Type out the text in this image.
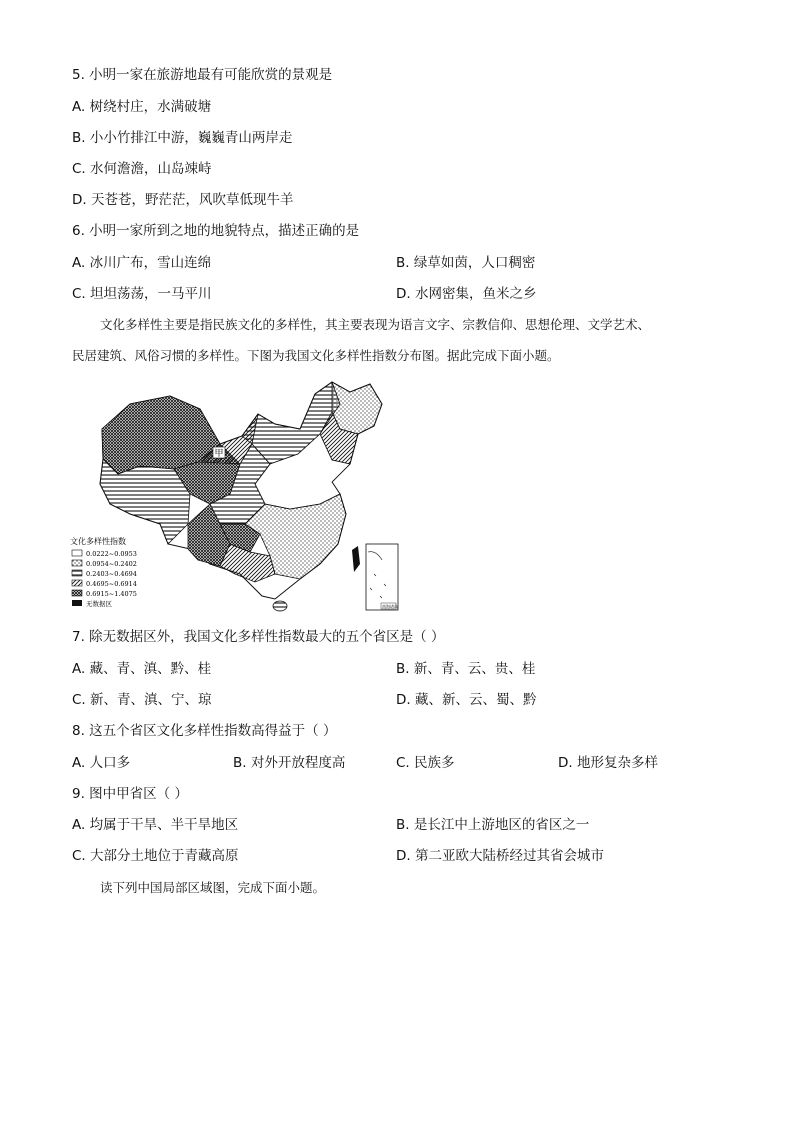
5. 小明一家在旅游地最有可能欣赏的景观是
A. 树绕村庄，水满破塘
B. 小小竹排江中游，巍巍青山两岸走
C. 水何澹澹，山岛竦峙
D. 天苍苍，野茫茫，风吹草低现牛羊
6. 小明一家所到之地的地貌特点，描述正确的是
A. 冰川广布，雪山连绵	B. 绿草如茵，人口稠密
C. 坦坦荡荡，一马平川	D. 水网密集，鱼米之乡
文化多样性主要是指民族文化的多样性，其主要表现为语言文字、宗教信仰、思想伦理、文学艺术、
民居建筑、风俗习惯的多样性。下图为我国文化多样性指数分布图。据此完成下面小题。
甲
南海诸岛
文化多样性指数
0.0222~0.0953
0.0954~0.2402
0.2403~0.4694
0.4695~0.6914
0.6915~1.4075
无数据区
7. 除无数据区外，我国文化多样性指数最大的五个省区是（ ）
A. 藏、青、滇、黔、桂	B. 新、青、云、贵、桂
C. 新、青、滇、宁、琼	D. 藏、新、云、蜀、黔
8. 这五个省区文化多样性指数高得益于（ ）
A. 人口多	B. 对外开放程度高	C. 民族多	D. 地形复杂多样
9. 图中甲省区（ ）
A. 均属于干旱、半干旱地区	B. 是长江中上游地区的省区之一
C. 大部分土地位于青藏高原	D. 第二亚欧大陆桥经过其省会城市
读下列中国局部区域图，完成下面小题。
